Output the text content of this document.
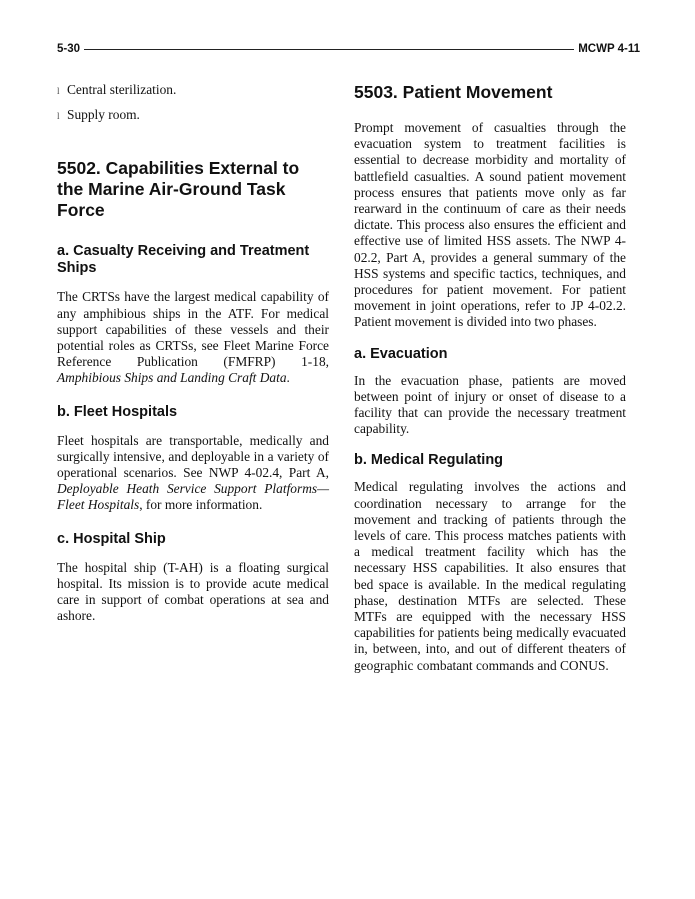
5-30	MCWP 4-11
l Central sterilization.
l Supply room.
5502. Capabilities External to the Marine Air-Ground Task Force
a. Casualty Receiving and Treatment Ships

The CRTSs have the largest medical capability of any amphibious ships in the ATF. For medical support capabilities of these vessels and their potential roles as CRTSs, see Fleet Marine Force Reference Publication (FMFRP) 1-18, Amphibious Ships and Landing Craft Data.

b. Fleet Hospitals

Fleet hospitals are transportable, medically and surgically intensive, and deployable in a variety of operational scenarios. See NWP 4-02.4, Part A, Deployable Heath Service Support Platforms—Fleet Hospitals, for more information.

c. Hospital Ship

The hospital ship (T-AH) is a floating surgical hospital. Its mission is to provide acute medical care in support of combat operations at sea and ashore.

5503. Patient Movement

Prompt movement of casualties through the evacuation system to treatment facilities is essential to decrease morbidity and mortality of battlefield casualties. A sound patient movement process ensures that patients move only as far rearward in the continuum of care as their needs dictate. This process also ensures the efficient and effective use of limited HSS assets. The NWP 4-02.2, Part A, provides a general summary of the HSS systems and specific tactics, techniques, and procedures for patient movement. For patient movement in joint operations, refer to JP 4-02.2. Patient movement is divided into two phases.

a. Evacuation

In the evacuation phase, patients are moved between point of injury or onset of disease to a facility that can provide the necessary treatment capability.

b. Medical Regulating

Medical regulating involves the actions and coordination necessary to arrange for the movement and tracking of patients through the levels of care. This process matches patients with a medical treatment facility which has the necessary HSS capabilities. It also ensures that bed space is available. In the medical regulating phase, destination MTFs are selected. These MTFs are equipped with the necessary HSS capabilities for patients being medically evacuated in, between, into, and out of different theaters of geographic combatant commands and CONUS.
